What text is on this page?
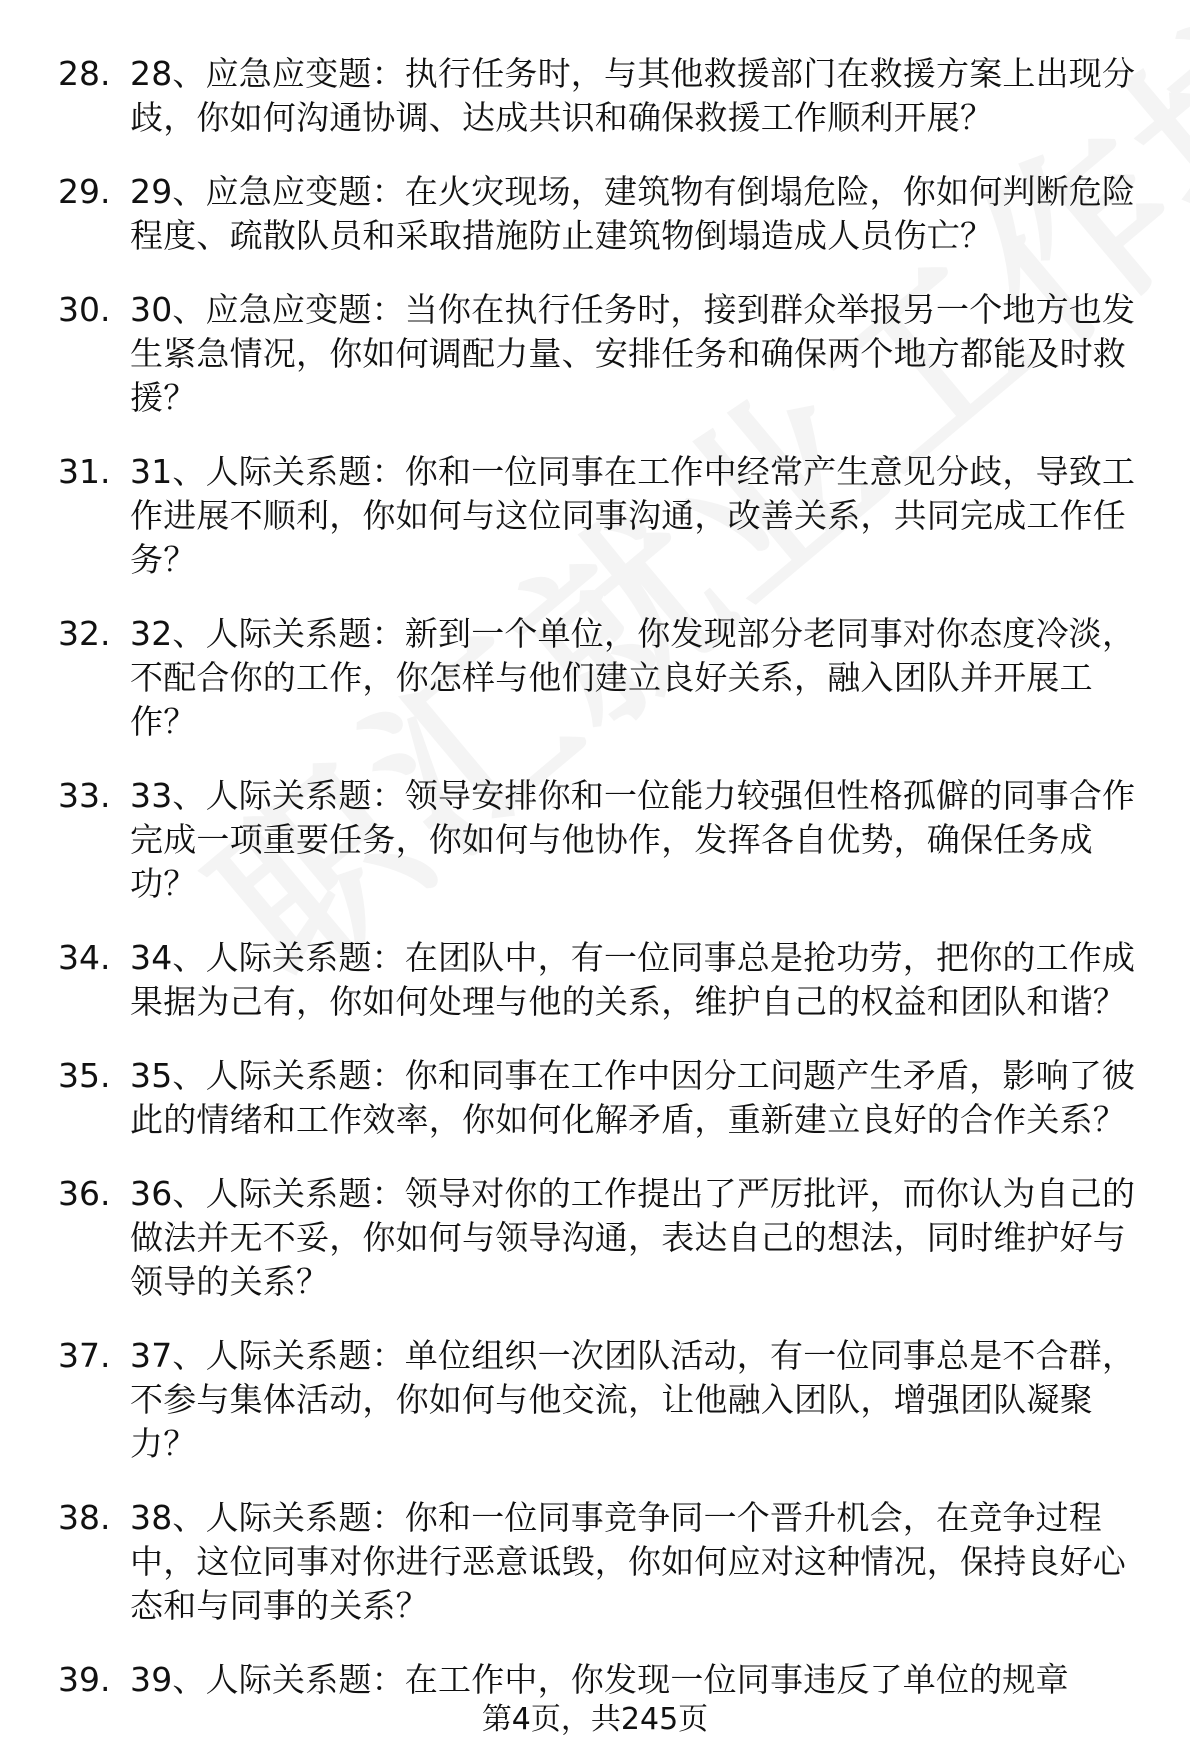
28. 28、应急应变题：执行任务时，与其他救援部门在救援方案上出现分歧，你如何沟通协调、达成共识和确保救援工作顺利开展？
29. 29、应急应变题：在火灾现场，建筑物有倒塌危险，你如何判断危险程度、疏散队员和采取措施防止建筑物倒塌造成人员伤亡？
30. 30、应急应变题：当你在执行任务时，接到群众举报另一个地方也发生紧急情况，你如何调配力量、安排任务和确保两个地方都能及时救援？
31. 31、人际关系题：你和一位同事在工作中经常产生意见分歧，导致工作进展不顺利，你如何与这位同事沟通，改善关系，共同完成工作任务？
32. 32、人际关系题：新到一个单位，你发现部分老同事对你态度冷淡，不配合你的工作，你怎样与他们建立良好关系，融入团队并开展工作？
33. 33、人际关系题：领导安排你和一位能力较强但性格孤僻的同事合作完成一项重要任务，你如何与他协作，发挥各自优势，确保任务成功？
34. 34、人际关系题：在团队中，有一位同事总是抢功劳，把你的工作成果据为己有，你如何处理与他的关系，维护自己的权益和团队和谐？
35. 35、人际关系题：你和同事在工作中因分工问题产生矛盾，影响了彼此的情绪和工作效率，你如何化解矛盾，重新建立良好的合作关系？
36. 36、人际关系题：领导对你的工作提出了严厉批评，而你认为自己的做法并无不妥，你如何与领导沟通，表达自己的想法，同时维护好与领导的关系？
37. 37、人际关系题：单位组织一次团队活动，有一位同事总是不合群，不参与集体活动，你如何与他交流，让他融入团队，增强团队凝聚力？
38. 38、人际关系题：你和一位同事竞争同一个晋升机会，在竞争过程中，这位同事对你进行恶意诋毁，你如何应对这种情况，保持良好心态和与同事的关系？
39. 39、人际关系题：在工作中，你发现一位同事违反了单位的规章
第4页，共245页
